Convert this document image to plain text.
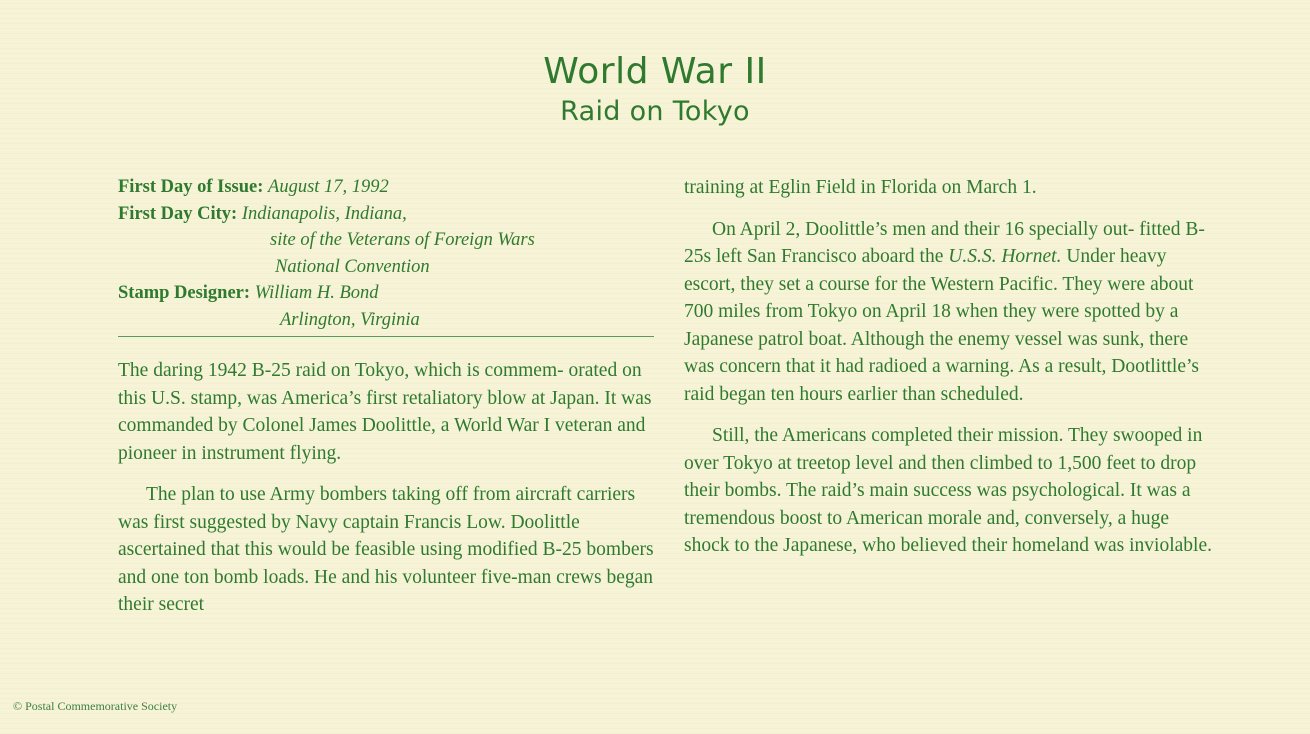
World War II
Raid on Tokyo
First Day of Issue: August 17, 1992
First Day City: Indianapolis, Indiana,
site of the Veterans of Foreign Wars
National Convention
Stamp Designer: William H. Bond
Arlington, Virginia

The daring 1942 B-25 raid on Tokyo, which is commem- orated on this U.S. stamp, was America’s first retaliatory blow at Japan. It was commanded by Colonel James Doolittle, a World War I veteran and pioneer in instrument flying.

The plan to use Army bombers taking off from aircraft carriers was first suggested by Navy captain Francis Low. Doolittle ascertained that this would be feasible using modified B-25 bombers and one ton bomb loads. He and his volunteer five-man crews began their secret

training at Eglin Field in Florida on March 1.

On April 2, Doolittle’s men and their 16 specially out- fitted B-25s left San Francisco aboard the U.S.S. Hornet. Under heavy escort, they set a course for the Western Pacific. They were about 700 miles from Tokyo on April 18 when they were spotted by a Japanese patrol boat. Although the enemy vessel was sunk, there was concern that it had radioed a warning. As a result, Dootlittle’s raid began ten hours earlier than scheduled.

Still, the Americans completed their mission. They swooped in over Tokyo at treetop level and then climbed to 1,500 feet to drop their bombs. The raid’s main success was psychological. It was a tremendous boost to American morale and, conversely, a huge shock to the Japanese, who believed their homeland was inviolable.

© Postal Commemorative Society
